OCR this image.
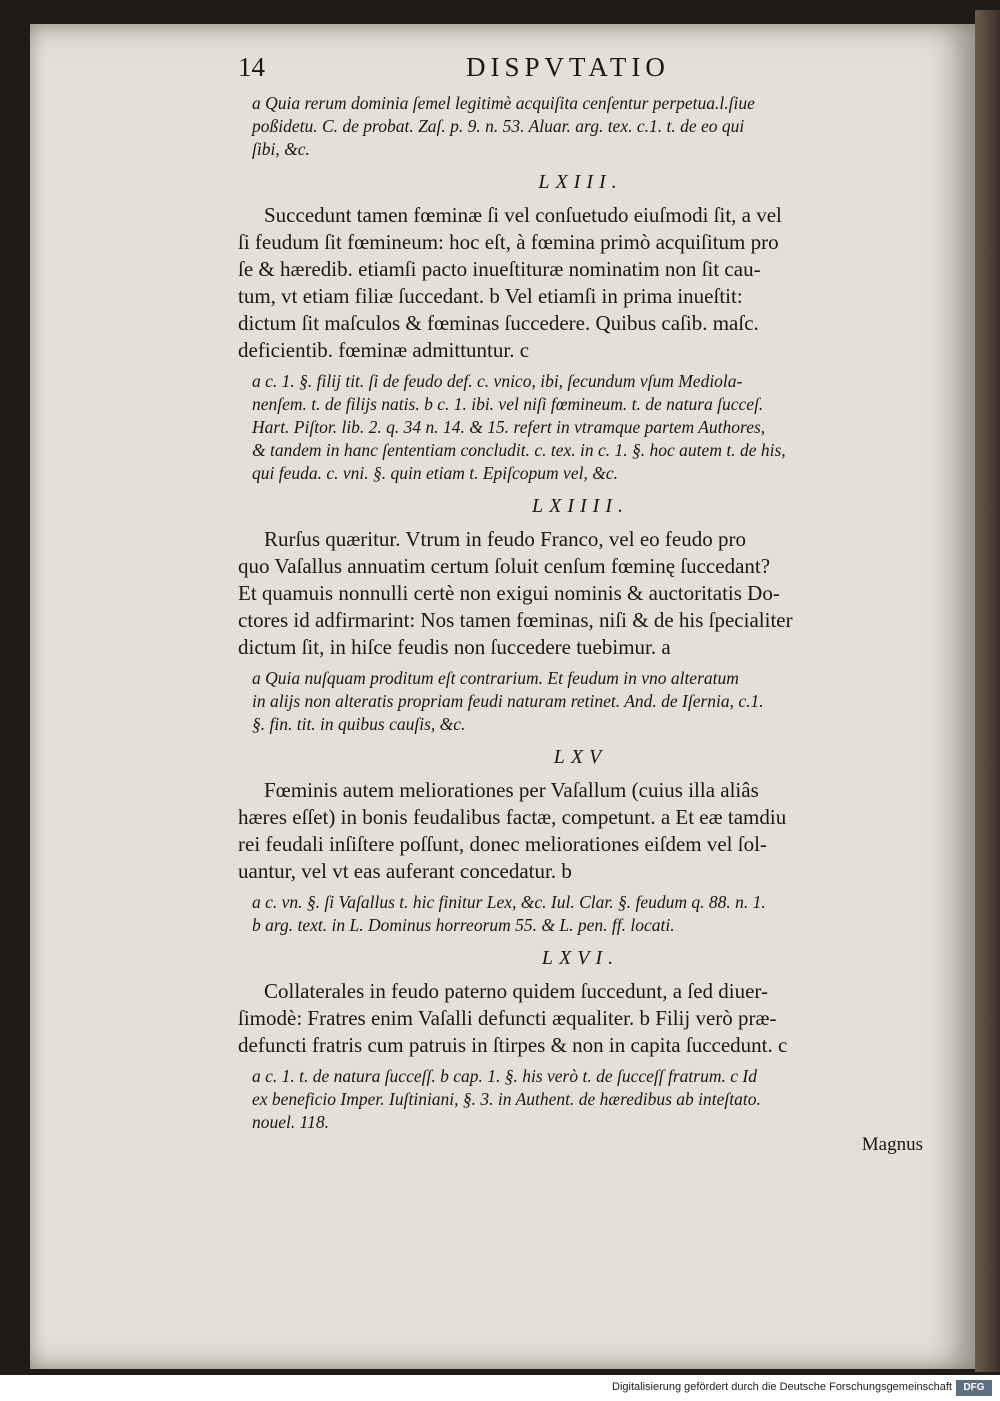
14	DISPVTATIO
a Quia rerum dominia ſemel legitimè acquiſita cenſentur perpetua.l.ſiue
poßidetu. C. de probat. Zaſ. p. 9. n. 53. Aluar. arg. tex. c.1. t. de eo qui
ſibi, &c.
LXIII.
Succedunt tamen fœminæ ſi vel conſuetudo eiuſmodi ſit, a vel
ſi feudum ſit fœmineum: hoc eſt, à fœmina primò acquiſitum pro
ſe & hæredib. etiamſi pacto inueſtituræ nominatim non ſit cau-
tum, vt etiam filiæ ſuccedant. b Vel etiamſi in prima inueſtit:
dictum ſit maſculos & fœminas ſuccedere. Quibus caſib. maſc.
deficientib. fœminæ admittuntur. c
a c. 1. §. filij tit. ſi de feudo def. c. vnico, ibi, ſecundum vſum Mediola-
nenſem. t. de filijs natis. b c. 1. ibi. vel niſi fœmineum. t. de natura ſucceſ.
Hart. Piſtor. lib. 2. q. 34 n. 14. & 15. refert in vtramque partem Authores,
& tandem in hanc ſententiam concludit. c. tex. in c. 1. §. hoc autem t. de his,
qui feuda. c. vni. §. quin etiam t. Epiſcopum vel, &c.
LXIIII.
Rurſus quæritur. Vtrum in feudo Franco, vel eo feudo pro
quo Vaſallus annuatim certum ſoluit cenſum fœminę ſuccedant?
Et quamuis nonnulli certè non exigui nominis & auctoritatis Do-
ctores id adfirmarint: Nos tamen fœminas, niſi & de his ſpecialiter
dictum ſit, in hiſce feudis non ſuccedere tuebimur. a
a Quia nuſquam proditum eſt contrarium. Et feudum in vno alteratum
in alijs non alteratis propriam feudi naturam retinet. And. de Iſernia, c.1.
§. fin. tit. in quibus cauſis, &c.
LXV
Fœminis autem meliorationes per Vaſallum (cuius illa aliâs
hæres eſſet) in bonis feudalibus factæ, competunt. a Et eæ tamdiu
rei feudali inſiſtere poſſunt, donec meliorationes eiſdem vel ſol-
uantur, vel vt eas auferant concedatur. b
a c. vn. §. ſi Vaſallus t. hic finitur Lex, &c. Iul. Clar. §. feudum q. 88. n. 1.
b arg. text. in L. Dominus horreorum 55. & L. pen. ff. locati.
LXVI.
Collaterales in feudo paterno quidem ſuccedunt, a ſed diuer-
ſimodè: Fratres enim Vaſalli defuncti æqualiter. b Filij verò præ-
defuncti fratris cum patruis in ſtirpes & non in capita ſuccedunt. c
a c. 1. t. de natura ſucceſſ. b cap. 1. §. his verò t. de ſucceſſ fratrum. c Id
ex beneficio Imper. Iuſtiniani, §. 3. in Authent. de hæredibus ab inteſtato.
nouel. 118.

Magnus

Digitalisierung gefördert durch die Deutsche Forschungsgemeinschaft	DFG
